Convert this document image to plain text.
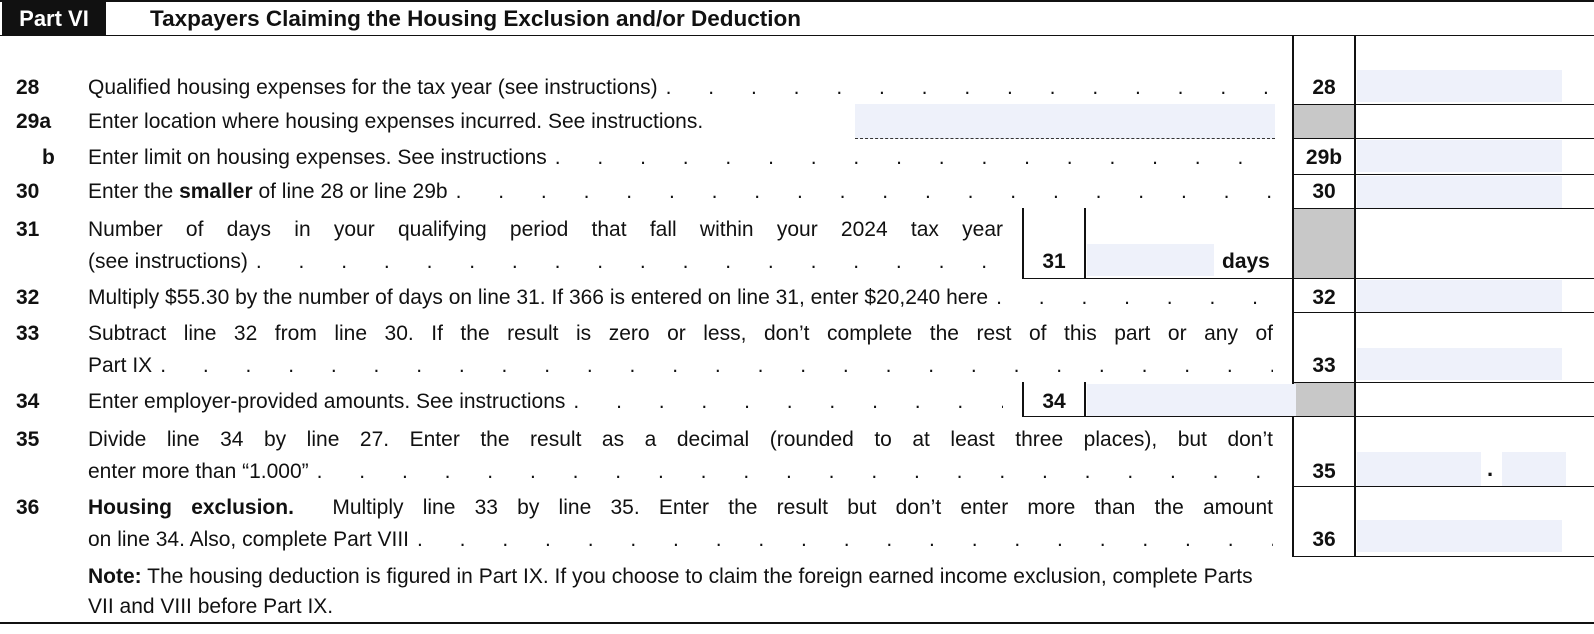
Part VI	Taxpayers Claiming the Housing Exclusion and/or Deduction
28 Qualified housing expenses for the tax year (see instructions) . . .	28
29a Enter location where housing expenses incurred. See instructions.
b Enter limit on housing expenses. See instructions . . .	29b
30 Enter the smaller of line 28 or line 29b . . .	30
31 Number of days in your qualifying period that fall within your 2024 tax year
(see instructions) . . .	31	days
32 Multiply $55.30 by the number of days on line 31. If 366 is entered on line 31, enter $20,240 here . . .	32
33 Subtract line 32 from line 30. If the result is zero or less, don’t complete the rest of this part or any of
Part IX . . .	33
34 Enter employer-provided amounts. See instructions . . .	34
35 Divide line 34 by line 27. Enter the result as a decimal (rounded to at least three places), but don’t
enter more than “1.000” . . .	35	.
36 Housing exclusion. Multiply line 33 by line 35. Enter the result but don’t enter more than the amount
on line 34. Also, complete Part VIII . . .	36
Note: The housing deduction is figured in Part IX. If you choose to claim the foreign earned income exclusion, complete Parts VII and VIII before Part IX.
